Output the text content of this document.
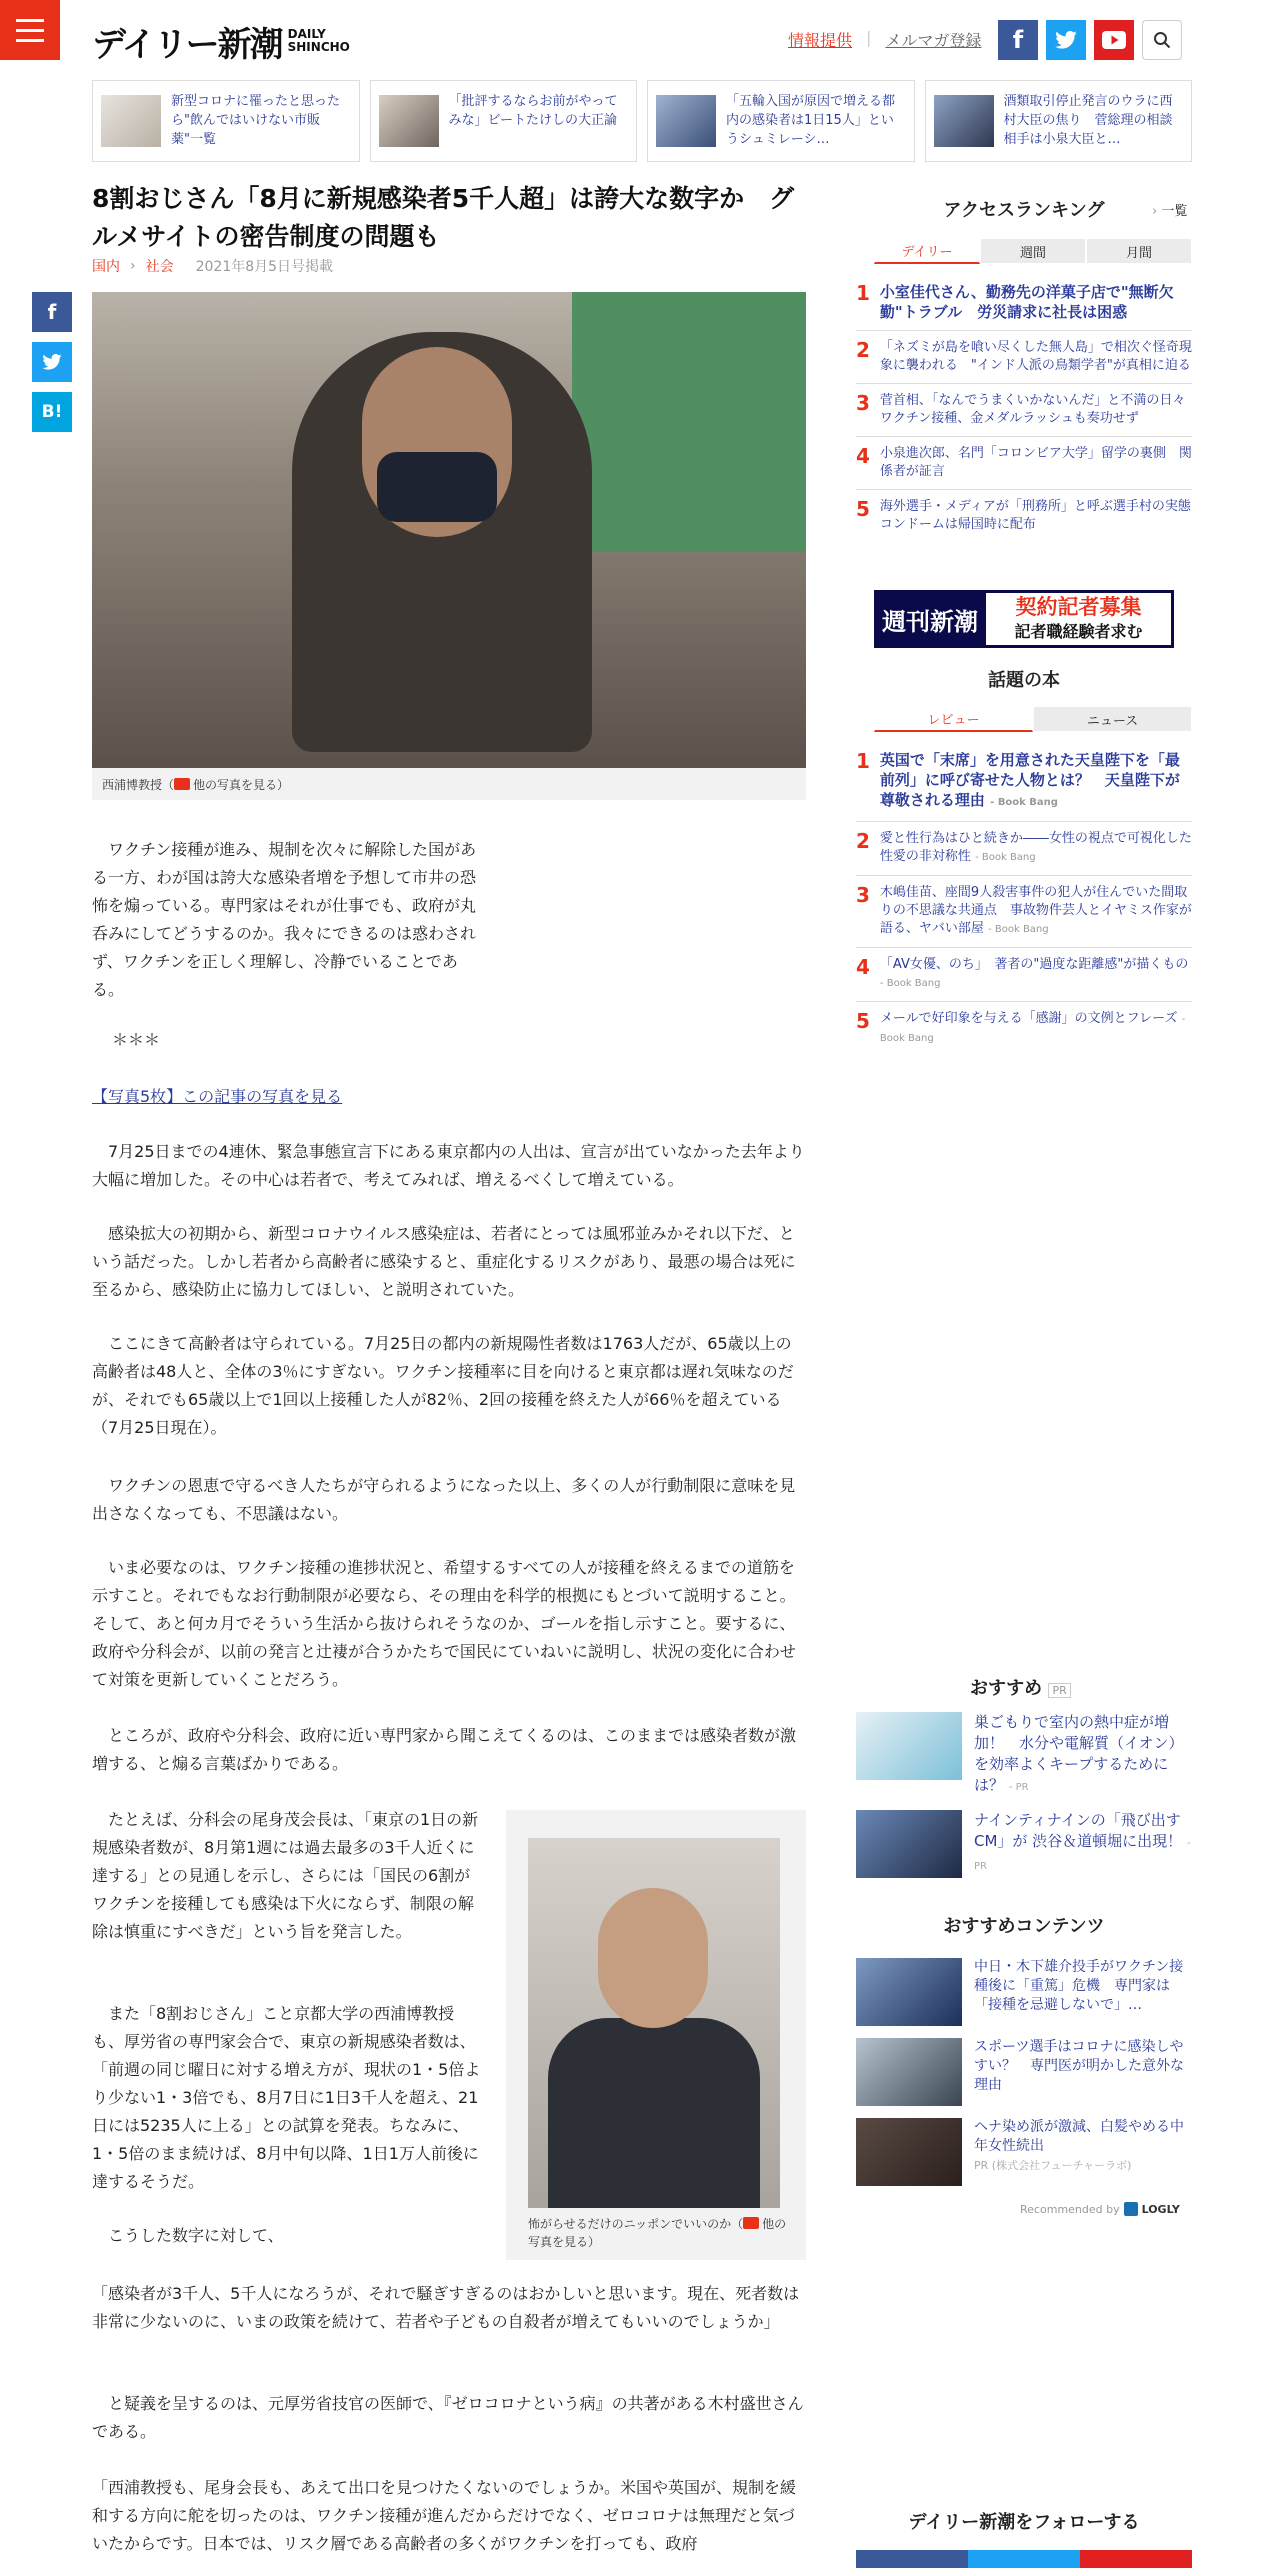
デイリー新潮 DAILY
SHINCHO	情報提供 | メルマガ登録	f
新型コロナに罹ったと思ったら"飲んではいけない市販薬"一覧
「批評するならお前がやってみな」ビートたけしの大正論
「五輪入国が原因で増える都内の感染者は1日15人」というシュミレーシ…
酒類取引停止発言のウラに西村大臣の焦り　菅総理の相談相手は小泉大臣と…
8割おじさん「8月に新規感染者5千人超」は誇大な数字か　グルメサイトの密告制度の問題も
国内 › 社会 2021年8月5日号掲載
f
B!
西浦博教授（ 他の写真を見る）

ワクチン接種が進み、規制を次々に解除した国がある一方、わが国は誇大な感染者増を予想して市井の恐怖を煽っている。専門家はそれが仕事でも、政府が丸呑みにしてどうするのか。我々にできるのは惑わされず、ワクチンを正しく理解し、冷静でいることである。

＊＊＊

【写真5枚】この記事の写真を見る

7月25日までの4連休、緊急事態宣言下にある東京都内の人出は、宣言が出ていなかった去年より大幅に増加した。その中心は若者で、考えてみれば、増えるべくして増えている。

感染拡大の初期から、新型コロナウイルス感染症は、若者にとっては風邪並みかそれ以下だ、という話だった。しかし若者から高齢者に感染すると、重症化するリスクがあり、最悪の場合は死に至るから、感染防止に協力してほしい、と説明されていた。

ここにきて高齢者は守られている。7月25日の都内の新規陽性者数は1763人だが、65歳以上の高齢者は48人と、全体の3％にすぎない。ワクチン接種率に目を向けると東京都は遅れ気味なのだが、それでも65歳以上で1回以上接種した人が82％、2回の接種を終えた人が66％を超えている（7月25日現在）。

ワクチンの恩恵で守るべき人たちが守られるようになった以上、多くの人が行動制限に意味を見出さなくなっても、不思議はない。

いま必要なのは、ワクチン接種の進捗状況と、希望するすべての人が接種を終えるまでの道筋を示すこと。それでもなお行動制限が必要なら、その理由を科学的根拠にもとづいて説明すること。そして、あと何カ月でそういう生活から抜けられそうなのか、ゴールを指し示すこと。要するに、政府や分科会が、以前の発言と辻褄が合うかたちで国民にていねいに説明し、状況の変化に合わせて対策を更新していくことだろう。

ところが、政府や分科会、政府に近い専門家から聞こえてくるのは、このままでは感染者数が激増する、と煽る言葉ばかりである。

たとえば、分科会の尾身茂会長は、「東京の1日の新規感染者数が、8月第1週には過去最多の3千人近くに達する」との見通しを示し、さらには「国民の6割がワクチンを接種しても感染は下火にならず、制限の解除は慎重にすべきだ」という旨を発言した。

また「8割おじさん」こと京都大学の西浦博教授も、厚労省の専門家会合で、東京の新規感染者数は、「前週の同じ曜日に対する増え方が、現状の1・5倍より少ない1・3倍でも、8月7日に1日3千人を超え、21日には5235人に上る」との試算を発表。ちなみに、1・5倍のまま続けば、8月中旬以降、1日1万人前後に達するそうだ。

こうした数字に対して、

怖がらせるだけのニッポンでいいのか（ 他の写真を見る）

「感染者が3千人、5千人になろうが、それで騒ぎすぎるのはおかしいと思います。現在、死者数は非常に少ないのに、いまの政策を続けて、若者や子どもの自殺者が増えてもいいのでしょうか」

と疑義を呈するのは、元厚労省技官の医師で、『ゼロコロナという病』の共著がある木村盛世さんである。

「西浦教授も、尾身会長も、あえて出口を見つけたくないのでしょうか。米国や英国が、規制を緩和する方向に舵を切ったのは、ワクチン接種が進んだからだけでなく、ゼロコロナは無理だと気づいたからです。日本では、リスク層である高齢者の多くがワクチンを打っても、政府

アクセスランキング	› 一覧
デイリー	週間	月間
1 小室佳代さん、勤務先の洋菓子店で"無断欠勤"トラブル　労災請求に社長は困惑
2 「ネズミが島を喰い尽くした無人島」で相次ぐ怪奇現象に襲われる　"インド人派の鳥類学者"が真相に迫る
3 菅首相、「なんでうまくいかないんだ」と不満の日々　ワクチン接種、金メダルラッシュも奏功せず
4 小泉進次郎、名門「コロンビア大学」留学の裏側　関係者が証言
5 海外選手・メディアが「刑務所」と呼ぶ選手村の実態　コンドームは帰国時に配布
週刊新潮	契約記者募集
記者職経験者求む
話題の本
レビュー	ニュース
1 英国で「末席」を用意された天皇陛下を「最前列」に呼び寄せた人物とは？　天皇陛下が尊敬される理由 - Book Bang
2 愛と性行為はひと続きか――女性の視点で可視化した性愛の非対称性 - Book Bang
3 木嶋佳苗、座間9人殺害事件の犯人が住んでいた間取りの不思議な共通点　事故物件芸人とイヤミス作家が語る、ヤバい部屋 - Book Bang
4 「AV女優、のち」　著者の"過度な距離感"が描くもの - Book Bang
5 メールで好印象を与える「感謝」の文例とフレーズ - Book Bang
おすすめ PR
巣ごもりで室内の熱中症が増加！　水分や電解質（イオン）を効率よくキープするためには？ - PR
ナインティナインの「飛び出す CM」が 渋谷＆道頓堀に出現！ - PR
おすすめコンテンツ
中日・木下雄介投手がワクチン接種後に「重篤」危機　専門家は「接種を忌避しないで」…
スポーツ選手はコロナに感染しやすい？　専門医が明かした意外な理由
ヘナ染め派が激減、白髪やめる中年女性続出
PR (株式会社フューチャーラボ)
Recommended by LOGLY
デイリー新潮をフォローする
